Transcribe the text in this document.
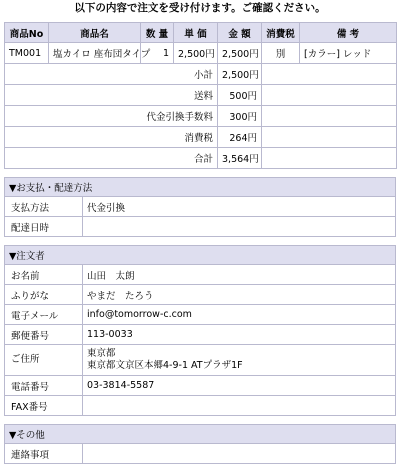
以下の内容で注文を受け付けます。ご確認ください。
商品No	商品名	数 量	単 価	金 額	消費税	備 考
TM001	塩カイロ 座布団タイプ	1	2,500円	2,500円	別	[カラー] レッド
小計				2,500円		
送料				500円		
代金引換手数料				300円		
消費税				264円		
合計				3,564円		
▼お支払・配達方法	
支払方法	代金引換
配達日時	
▼注文者	
お名前	山田　太朗
ふりがな	やまだ　たろう
電子メール	info@tomorrow-c.com
郵便番号	113-0033
ご住所	東京都
東京都文京区本郷4-9-1 ATプラザ1F

電話番号	03-3814-5587
FAX番号	
▼その他
連絡事項	
